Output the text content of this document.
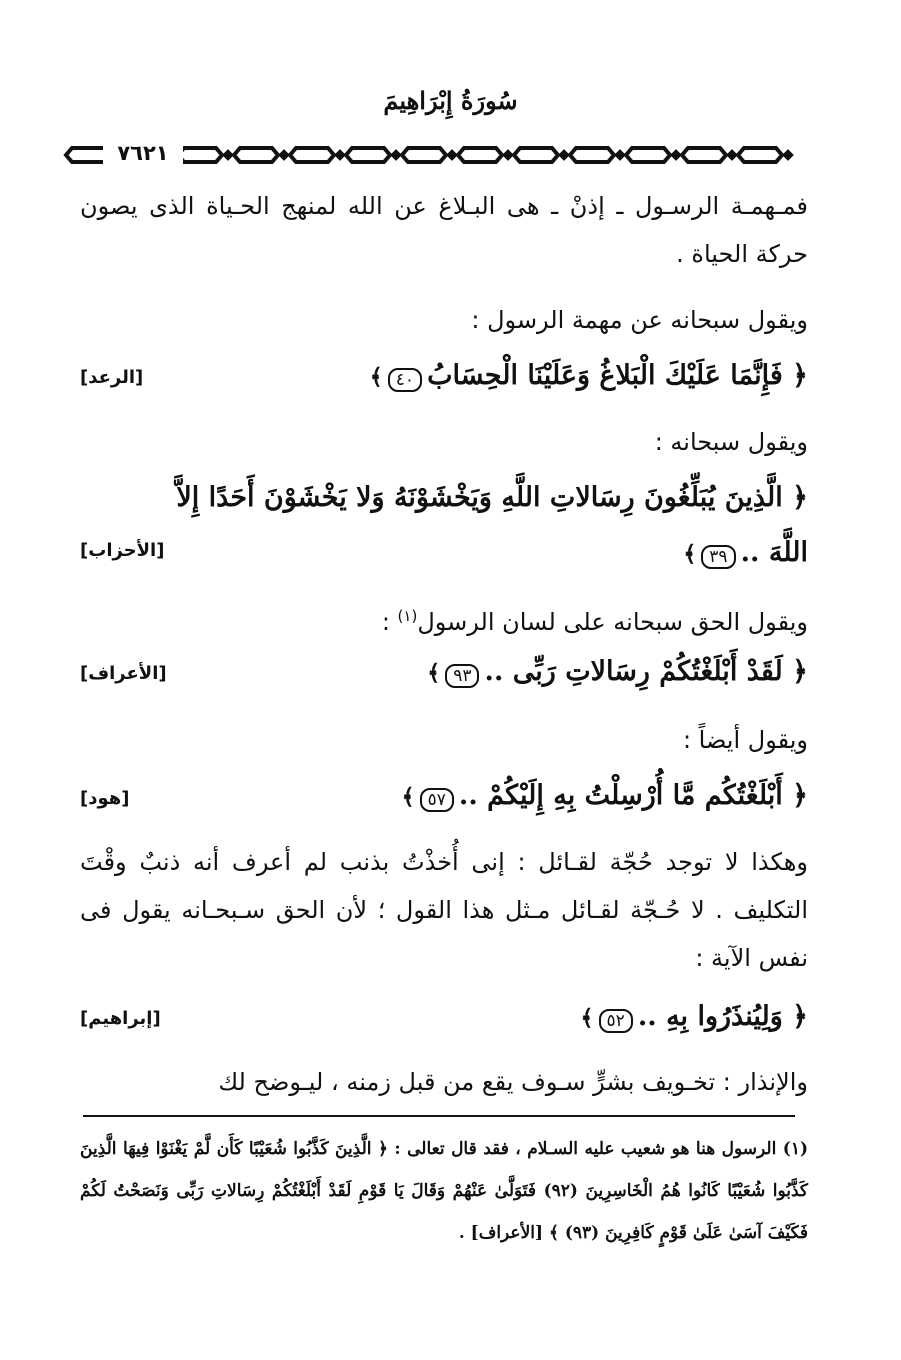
سُورَةُ إِبْرَاهِيمَ
٧٦٢١
فمـهمـة الرسـول ـ إذنْ ـ هى البـلاغ عن الله لمنهج الحـياة الذى يصون حركة الحياة .
ويقول سبحانه عن مهمة الرسول :
﴿ فَإِنَّمَا عَلَيْكَ الْبَلاغُ وَعَلَيْنَا الْحِسَابُ ٤٠ ﴾
[الرعد]
ويقول سبحانه :
﴿ الَّذِينَ يُبَلِّغُونَ رِسَالاتِ اللَّهِ وَيَخْشَوْنَهُ وَلا يَخْشَوْنَ أَحَدًا إِلاَّ
اللَّهَ .. ٣٩ ﴾
[الأحزاب]
ويقول الحق سبحانه على لسان الرسول$^{(١)}$ :
﴿ لَقَدْ أَبْلَغْتُكُمْ رِسَالاتِ رَبِّى .. ٩٣ ﴾
[الأعراف]
ويقول أيضاً :
﴿ أَبْلَغْتُكُم مَّا أُرْسِلْتُ بِهِ إِلَيْكُمْ .. ٥٧ ﴾
[هود]
وهكذا لا توجد حُجّة لقـائل : إنى أُخذْتُ بذنب لم أعرف أنه ذنبٌ وقْتَ التكليف . لا حُـجّة لقـائل مـثل هذا القول ؛ لأن الحق سـبحـانه يقول فى نفس الآية :
﴿ وَلِيُنذَرُوا بِهِ .. ٥٢ ﴾
[إبراهيم]
والإنذار : تخـويف بشرٍّ سـوف يقع من قبل زمنه ، ليـوضح لك
(١) الرسول هنا هو شعيب عليه السـلام ، فقد قال تعالى : ﴿ الَّذِينَ كَذَّبُوا شُعَيْبًا كَأَن لَّمْ يَغْنَوْا فِيهَا الَّذِينَ كَذَّبُوا شُعَيْبًا كَانُوا هُمُ الْخَاسِرِينَ (٩٢) فَتَوَلَّىٰ عَنْهُمْ وَقَالَ يَا قَوْمِ لَقَدْ أَبْلَغْتُكُمْ رِسَالاتِ رَبِّى وَنَصَحْتُ لَكُمْ فَكَيْفَ آسَىٰ عَلَىٰ قَوْمٍ كَافِرِينَ (٩٣) ﴾ [الأعراف] .
